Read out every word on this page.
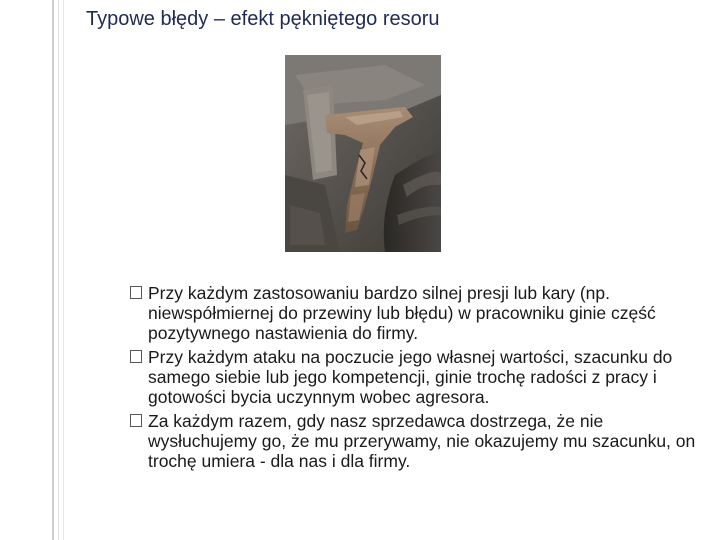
Typowe błędy – efekt pękniętego resoru
Przy każdym zastosowaniu bardzo silnej presji lub kary (np. niewspółmiernej do przewiny lub błędu) w pracowniku ginie część pozytywnego nastawienia do firmy.
Przy każdym ataku na poczucie jego własnej wartości, szacunku do samego siebie lub jego kompetencji, ginie trochę radości z pracy i gotowości bycia uczynnym wobec agresora.
Za każdym razem, gdy nasz sprzedawca dostrzega, że nie wysłuchujemy go, że mu przerywamy, nie okazujemy mu szacunku, on trochę umiera - dla nas i dla firmy.
